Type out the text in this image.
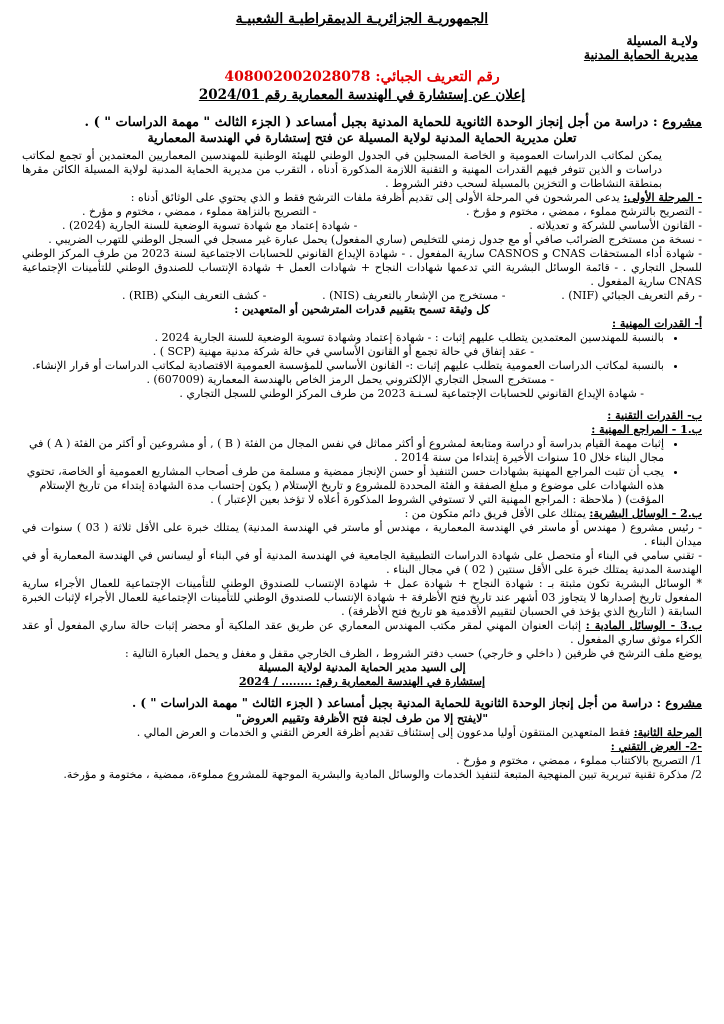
الجمهوريـة الجزائريـة الديمقراطيـة الشعبيـة
ولايـة المسيلة
مديرية الحماية المدنية
رقم التعريف الجبائي: 408002002028078
إعلان عن إستشارة في الهندسة المعمارية رقم 2024/01
مشروع : دراسة من أجل إنجاز الوحدة الثانوية للحماية المدنية بجبل أمساعد ( الجزء الثالث " مهمة الدراسات " ) .
تعلن مديرية الحماية المدنية لولاية المسيلة عن فتح إستشارة في الهندسة المعمارية

يمكن لمكاتب الدراسات العمومية و الخاصة المسجلين في الجدول الوطني للهيئة الوطنية للمهندسين المعماريين المعتمدين أو تجمع لمكاتب دراسات و الذين تتوفر فيهم القدرات المهنية و التقنية اللازمة المذكورة أدناه ، التقرب من مديرية الحماية المدنية لولاية المسيلة الكائن مقرها بمنطقة النشاطات و التخزين بالمسيلة لسحب دفتر الشروط .

- المرحلة الأولى: يدعى المرشحون في المرحلة الأولى إلى تقديم أظرفة ملفات الترشح فقط و الذي يحتوي على الوثائق أدناه :

- التصريح بالترشح مملوء ، ممضي ، مختوم و مؤرخ .
- التصريح بالنزاهة مملوء ، ممضي ، مختوم و مؤرخ .
- القانون الأساسي للشركة و تعديلاته .
- شهادة إعتماد مع شهادة تسوية الوضعية للسنة الجارية (2024) .

- نسخة من مستخرج الضرائب صافي أو مع جدول زمني للتخليص (ساري المفعول) يحمل عبارة غير مسجل في السجل الوطني للتهرب الضريبي .

- شهادة أداء المستحقات CNAS و CASNOS سارية المفعول . - شهادة الإيداع القانوني للحسابات الاجتماعية لسنة 2023 من طرف المركز الوطني للسجل التجاري . - قائمة الوسائل البشرية التي تدعمها شهادات النجاح + شهادات العمل + شهادة الإنتساب للصندوق الوطني للتأمينات الإجتماعية CNAS سارية المفعول .

- رقم التعريف الجبائي (NIF) .
- مستخرج من الإشعار بالتعريف (NIS) .
- كشف التعريف البنكي (RIB) .
كل وثيقة تسمح بتقييم قدرات المترشحين أو المتعهدين :
أ- القدرات المهنية :
• بالنسبة للمهندسين المعتمدين يتطلب عليهم إثبات : - شهادة إعتماد وشهادة تسوية الوضعية للسنة الجارية 2024 .
- عقد إتفاق في حالة تجمع أو القانون الأساسي في حالة شركة مدنية مهنية (SCP ) .
• بالنسبة لمكاتب الدراسات العمومية يتطلب عليهم إثبات :- القانون الأساسي للمؤسسة العمومية الاقتصادية لمكاتب الدراسات أو قرار الإنشاء.
- مستخرج السجل التجاري الإلكتروني يحمل الرمز الخاص بالهندسة المعمارية (607009) .
- شهادة الإيداع القانوني للحسابات الإجتماعية لسـنـة 2023 من طرف المركز الوطني للسجل التجاري .
ب- القدرات التقنية :
ب.1 - المراجع المهنية :
• إثبات مهمة القيام بدراسة أو دراسة ومتابعة لمشروع أو أكثر مماثل في نفس المجال من الفئة ( B ) , أو مشروعين أو أكثر من الفئة ( A ) في مجال البناء خلال 10 سنوات الأخيرة إبتداءا من سنة 2014 .
• يجب أن تثبت المراجع المهنية بشهادات حسن التنفيذ أو حسن الإنجاز ممضية و مسلمة من طرف أصحاب المشاريع العمومية أو الخاصة، تحتوي هذه الشهادات على موضوع و مبلغ الصفقة و الفئة المحددة للمشروع و تاريخ الإستلام ( يكون إحتساب مدة الشهادة إبتداء من تاريخ الإستلام المؤقت) ( ملاحظة : المراجع المهنية التي لا تستوفي الشروط المذكورة أعلاه لا تؤخذ بعين الإعتبار ) .

ب.2 - الوسائل البشرية: يمتلك على الأقل فريق دائم متكون من :

- رئيس مشروع ( مهندس أو ماستر في الهندسة المعمارية ، مهندس أو ماستر في الهندسة المدنية) يمتلك خبرة على الأقل ثلاثة ( 03 ) سنوات في ميدان البناء .

- تقني سامي في البناء أو متحصل على شهادة الدراسات التطبيقية الجامعية في الهندسة المدنية أو في البناء أو ليسانس في الهندسة المعمارية أو في الهندسة المدنية يمتلك خبرة على الأقل سنتين ( 02 ) في مجال البناء .

* الوسائل البشرية تكون مثبتة بـ : شهادة النجاح + شهادة عمل + شهادة الإنتساب للصندوق الوطني للتأمينات الإجتماعية للعمال الأجراء سارية المفعول تاريخ إصدارها لا يتجاوز 03 أشهر عند تاريخ فتح الأظرفة + شهادة الإنتساب للصندوق الوطني للتأمينات الإجتماعية للعمال الأجراء لإثبات الخبرة السابقة ( التاريخ الذي يؤخذ في الحسبان لتقييم الأقدمية هو تاريخ فتح الأظرفة) .

ب.3 - الوسائل المادية : إثبات العنوان المهني لمقر مكتب المهندس المعماري عن طريق عقد الملكية أو محضر إثبات حالة ساري المفعول أو عقد الكراء موثق ساري المفعول .

يوضع ملف الترشح في ظرفين ( داخلي و خارجي) حسب دفتر الشروط ، الظرف الخارجي مقفل و مغفل و يحمل العبارة التالية :

إلى السيد مدير الحماية المدنية لولاية المسيلة
إستشارة في الهندسة المعمارية رقم: ........ / 2024
مشروع : دراسة من أجل إنجاز الوحدة الثانوية للحماية المدنية بجبل أمساعد ( الجزء الثالث " مهمة الدراسات " ) .
"لايفتح إلا من طرف لجنة فتح الأظرفة وتقييم العروض"

المرحلة الثانية: فقط المتعهدين المنتقون أوليا مدعوون إلى إستئناف تقديم أظرفة العرض التقني و الخدمات و العرض المالي .

-2- العرض التقني :

1/ التصريح بالاكتتاب مملوء ، ممضي ، مختوم و مؤرخ .

2/ مذكرة تقنية تبريرية تبين المنهجية المتبعة لتنفيذ الخدمات والوسائل المادية والبشرية الموجهة للمشروع مملوءة، ممضية ، مختومة و مؤرخة.
